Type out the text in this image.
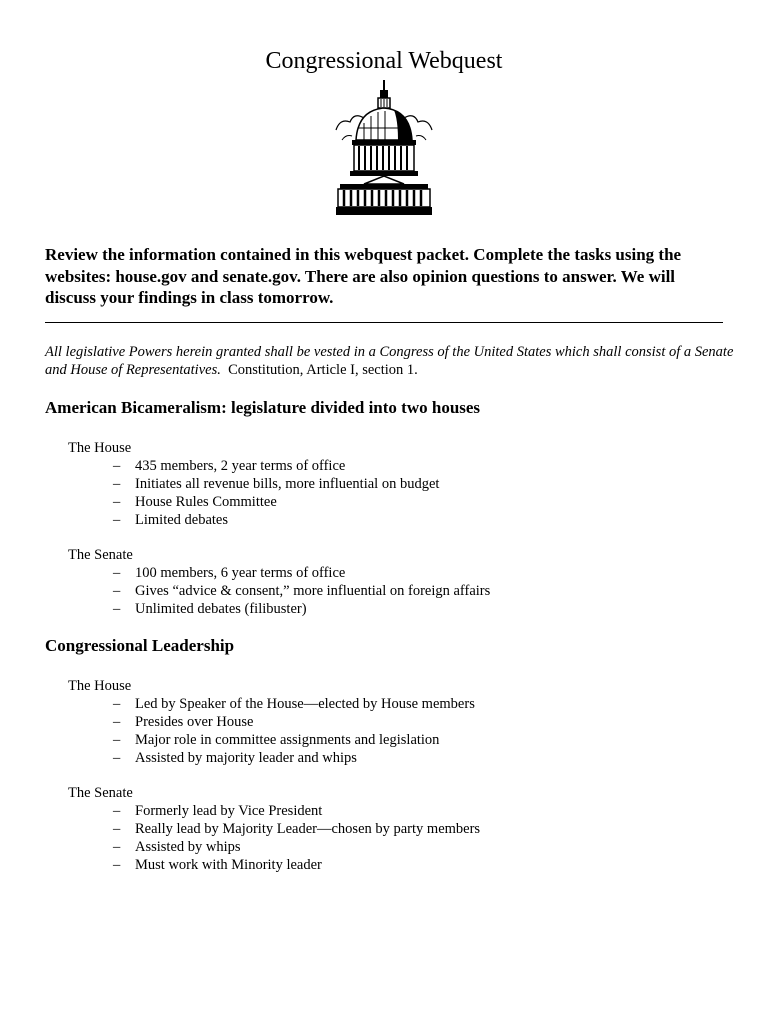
Congressional Webquest
Review the information contained in this webquest packet. Complete the tasks using the websites: house.gov and senate.gov. There are also opinion questions to answer. We will discuss your findings in class tomorrow.
All legislative Powers herein granted shall be vested in a Congress of the United States which shall consist of a Senate and House of Representatives. Constitution, Article I, section 1.
American Bicameralism: legislature divided into two houses
The House
– 435 members, 2 year terms of office
– Initiates all revenue bills, more influential on budget
– House Rules Committee
– Limited debates
The Senate
– 100 members, 6 year terms of office
– Gives “advice & consent,” more influential on foreign affairs
– Unlimited debates (filibuster)
Congressional Leadership
The House
– Led by Speaker of the House—elected by House members
– Presides over House
– Major role in committee assignments and legislation
– Assisted by majority leader and whips
The Senate
– Formerly lead by Vice President
– Really lead by Majority Leader—chosen by party members
– Assisted by whips
– Must work with Minority leader
